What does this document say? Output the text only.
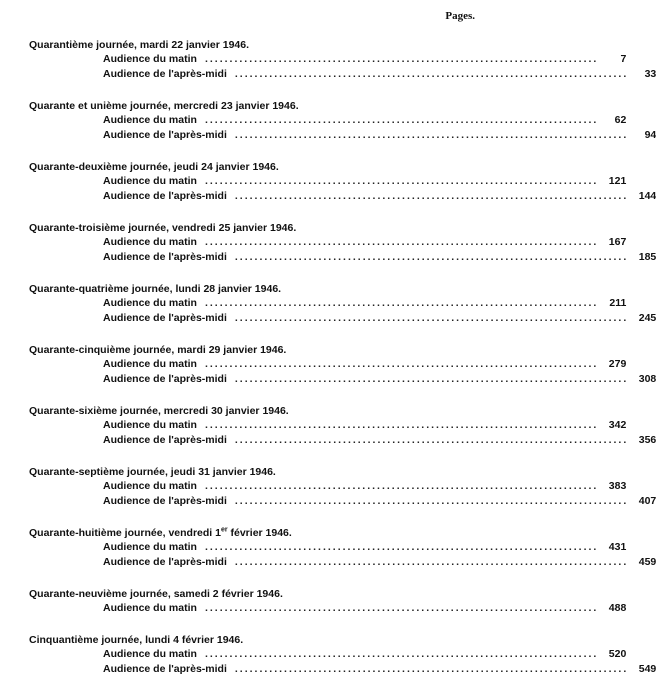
Pages.
Quarantième journée, mardi 22 janvier 1946.
Audience du matin ................................................................................	7
Audience de l'après-midi ................................................................................	33
Quarante et unième journée, mercredi 23 janvier 1946.
Audience du matin ................................................................................	62
Audience de l'après-midi ................................................................................	94
Quarante-deuxième journée, jeudi 24 janvier 1946.
Audience du matin ................................................................................ 121
Audience de l'après-midi ................................................................................ 144
Quarante-troisième journée, vendredi 25 janvier 1946.
Audience du matin ................................................................................ 167
Audience de l'après-midi ................................................................................ 185
Quarante-quatrième journée, lundi 28 janvier 1946.
Audience du matin ................................................................................	211
Audience de l'après-midi ................................................................................ 245
Quarante-cinquième journée, mardi 29 janvier 1946.
Audience du matin ................................................................................ 279
Audience de l'après-midi ................................................................................ 308
Quarante-sixième journée, mercredi 30 janvier 1946.
Audience du matin ................................................................................ 342
Audience de l'après-midi ................................................................................ 356
Quarante-septième journée, jeudi 31 janvier 1946.
Audience du matin ................................................................................ 383
Audience de l'après-midi ................................................................................ 407
Quarante-huitième journée, vendredi 1er février 1946.
Audience du matin ................................................................................ 431
Audience de l'après-midi ................................................................................ 459
Quarante-neuvième journée, samedi 2 février 1946.
Audience du matin ................................................................................ 488
Cinquantième journée, lundi 4 février 1946.
Audience du matin ................................................................................ 520
Audience de l'après-midi ................................................................................ 549
